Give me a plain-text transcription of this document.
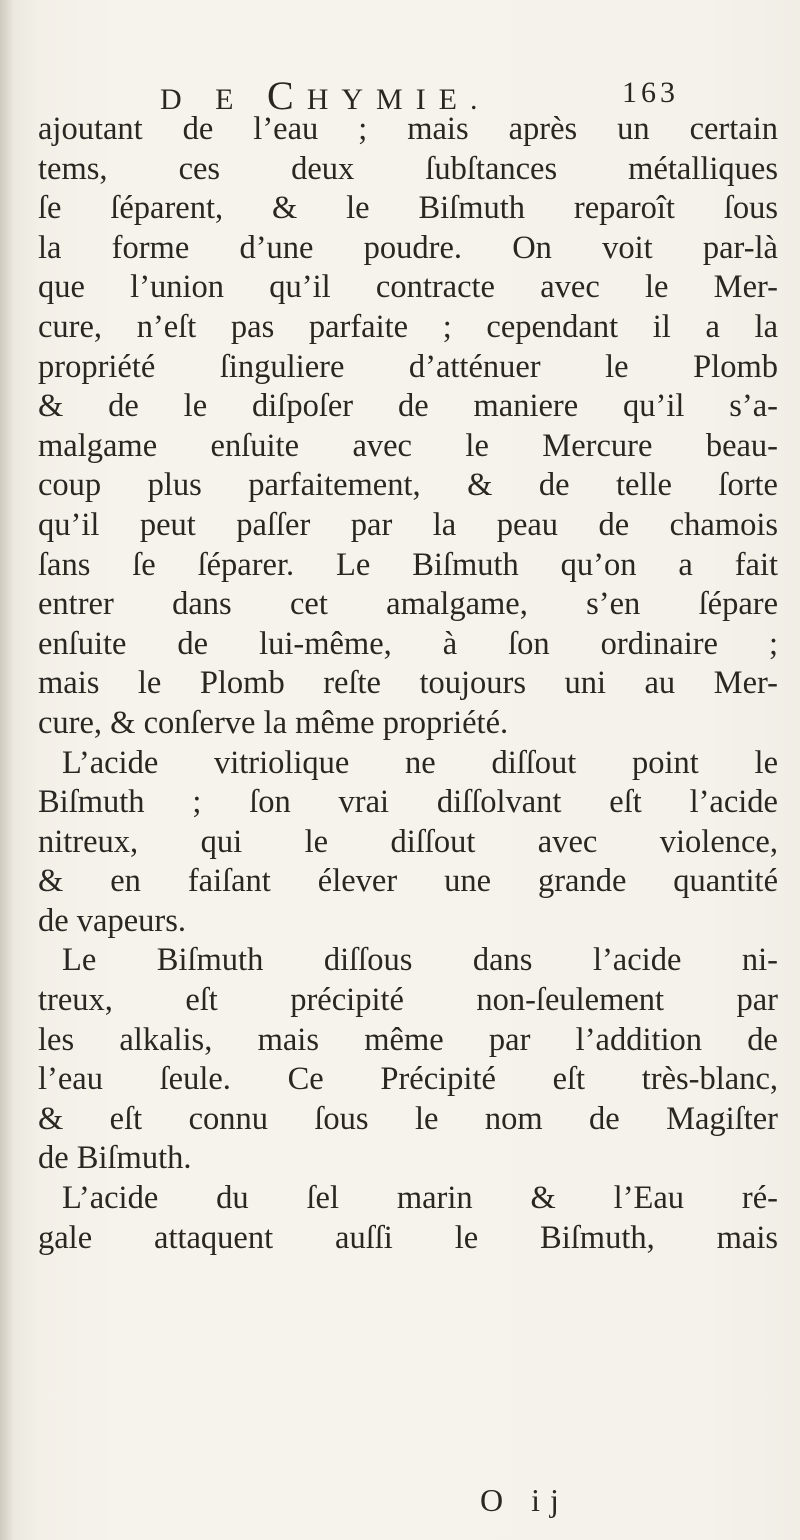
D E CHYMIE.	163
ajoutant de l’eau ; mais après un certain
tems, ces deux ſubſtances métalliques
ſe ſéparent, & le Biſmuth reparoît ſous
la forme d’une poudre. On voit par-là
que l’union qu’il contracte avec le Mer-
cure, n’eſt pas parfaite ; cependant il a la
propriété ſinguliere d’atténuer le Plomb
& de le diſpoſer de maniere qu’il s’a-
malgame enſuite avec le Mercure beau-
coup plus parfaitement, & de telle ſorte
qu’il peut paſſer par la peau de chamois
ſans ſe ſéparer. Le Biſmuth qu’on a fait
entrer dans cet amalgame, s’en ſépare
enſuite de lui-même, à ſon ordinaire ;
mais le Plomb reſte toujours uni au Mer-
cure, & conſerve la même propriété.
L’acide vitriolique ne diſſout point le
Biſmuth ; ſon vrai diſſolvant eſt l’acide
nitreux, qui le diſſout avec violence,
& en faiſant élever une grande quantité
de vapeurs.
Le Biſmuth diſſous dans l’acide ni-
treux, eſt précipité non-ſeulement par
les alkalis, mais même par l’addition de
l’eau ſeule. Ce Précipité eſt très-blanc,
& eſt connu ſous le nom de Magiſter
de Biſmuth.
L’acide du ſel marin & l’Eau ré-
gale attaquent auſſi le Biſmuth, mais
O ij
